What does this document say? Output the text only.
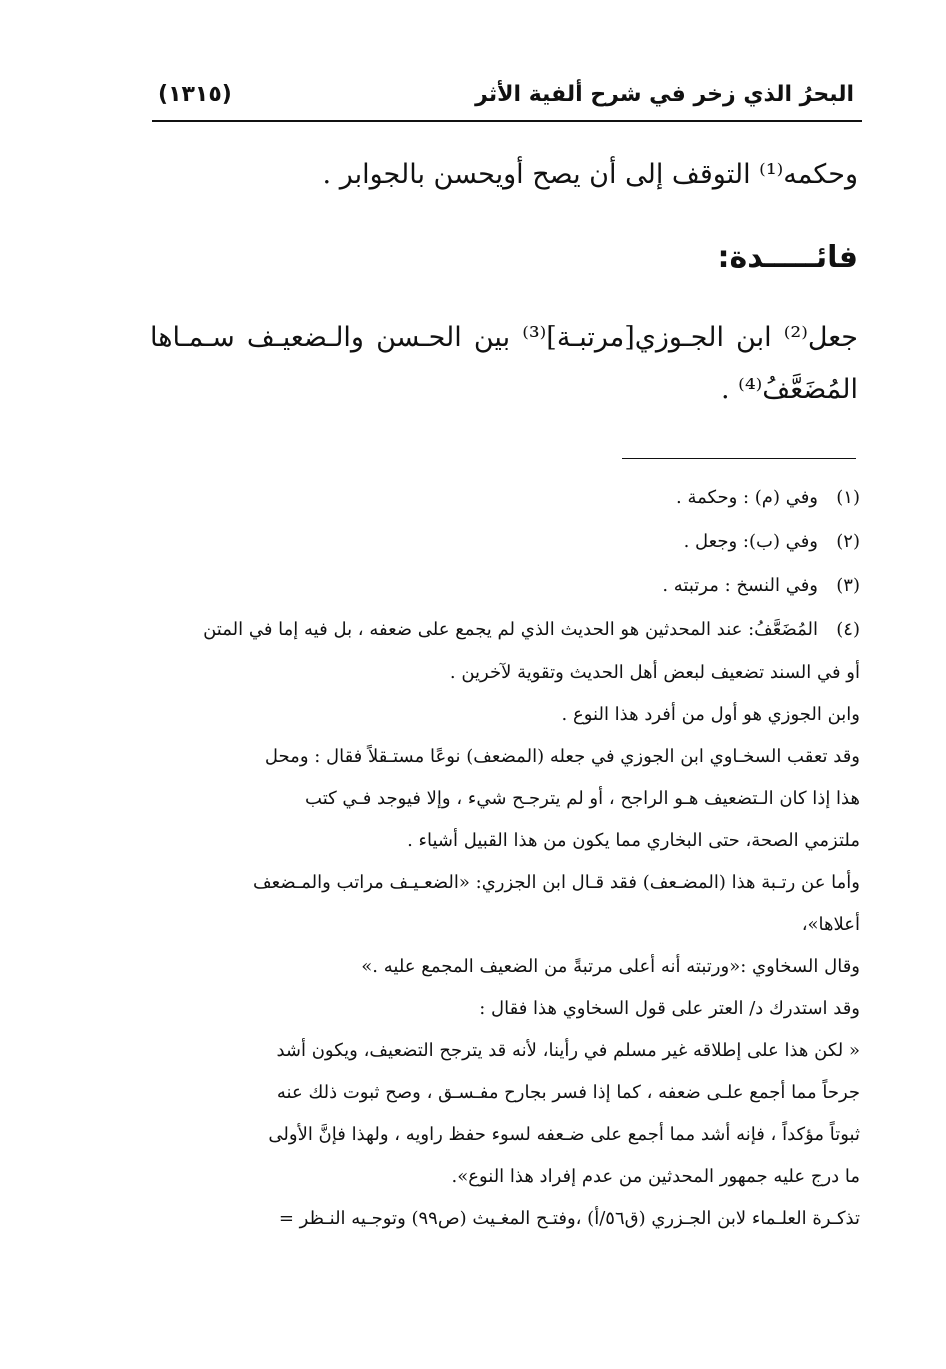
البحرُ الذي زخر في شرح ألفية الأثر
(١٣١٥)
وحكمه⁽¹⁾ التوقف إلى أن يصح أويحسن بالجوابر .
فائـــــدة:
جعل⁽²⁾ ابن الجـوزي[مرتبـة]⁽³⁾ بين الحـسن والـضعيـف سـمـاها المُضَعَّفُ⁽⁴⁾ .
(١)
وفي (م) : وحكمة .
(٢)
وفي (ب): وجعل .
(٣)
وفي النسخ : مرتبته .
(٤)
المُضَعَّفُ: عند المحدثين هو الحديث الذي لم يجمع على ضعفه ، بل فيه إما في المتن
أو في السند تضعيف لبعض أهل الحديث وتقوية لآخرين .
وابن الجوزي هو أول من أفرد هذا النوع .
وقد تعقب السخـاوي ابن الجوزي في جعله (المضعف) نوعًا مستـقلاً فقال : ومحل
هذا إذا كان الـتضعيف هـو الراجح ، أو لم يترجـح شيء ، وإلا فيوجد فـي كتب
ملتزمي الصحة، حتى البخاري مما يكون من هذا القبيل أشياء .
وأما عن رتـبة هذا (المضـعف) فقد قـال ابن الجزري: «الضعـيـف مراتب والمـضعف
أعلاها»،
وقال السخاوي :«ورتبته أنه أعلى مرتبةً من الضعيف المجمع عليه .»
وقد استدرك د/ العتر على قول السخاوي هذا فقال :
« لكن هذا على إطلاقه غير مسلم في رأينا، لأنه قد يترجح التضعيف، ويكون أشد
جرحاً مما أجمع علـى ضعفه ، كما إذا فسر بجارح مفـسـق ، وصح ثبوت ذلك عنه
ثبوتاً مؤكداً ، فإنه أشد مما أجمع على ضـعفه لسوء حفظ راويه ، ولهذا فإنَّ الأولى
ما درج عليه جمهور المحدثين من عدم إفراد هذا النوع».
تذكـرة العلـماء لابن الجـزري (ق٥٦/أ) ،وفتـح المغـيث (ص٩٩) وتوجـيه النـظر =
